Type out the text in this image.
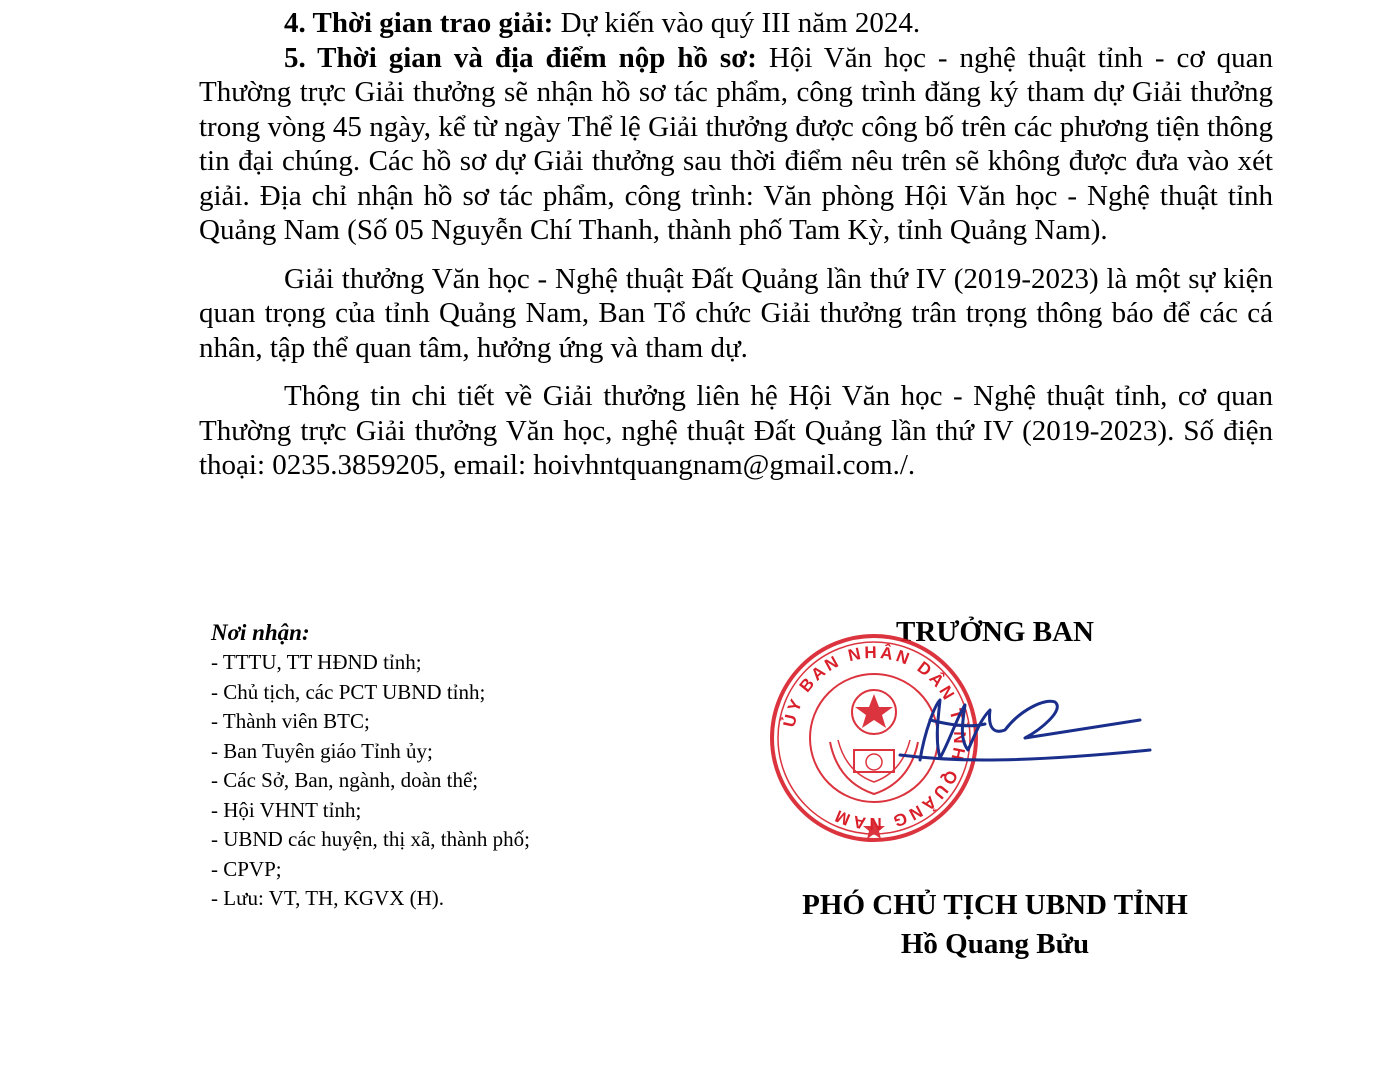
4. Thời gian trao giải: Dự kiến vào quý III năm 2024.

5. Thời gian và địa điểm nộp hồ sơ: Hội Văn học - nghệ thuật tỉnh - cơ quan Thường trực Giải thưởng sẽ nhận hồ sơ tác phẩm, công trình đăng ký tham dự Giải thưởng trong vòng 45 ngày, kể từ ngày Thể lệ Giải thưởng được công bố trên các phương tiện thông tin đại chúng. Các hồ sơ dự Giải thưởng sau thời điểm nêu trên sẽ không được đưa vào xét giải. Địa chỉ nhận hồ sơ tác phẩm, công trình: Văn phòng Hội Văn học - Nghệ thuật tỉnh Quảng Nam (Số 05 Nguyễn Chí Thanh, thành phố Tam Kỳ, tỉnh Quảng Nam).

Giải thưởng Văn học - Nghệ thuật Đất Quảng lần thứ IV (2019-2023) là một sự kiện quan trọng của tỉnh Quảng Nam, Ban Tổ chức Giải thưởng trân trọng thông báo để các cá nhân, tập thể quan tâm, hưởng ứng và tham dự.

Thông tin chi tiết về Giải thưởng liên hệ Hội Văn học - Nghệ thuật tỉnh, cơ quan Thường trực Giải thưởng Văn học, nghệ thuật Đất Quảng lần thứ IV (2019-2023). Số điện thoại: 0235.3859205, email: hoivhntquangnam@gmail.com./.

Nơi nhận:
- TTTU, TT HĐND tỉnh;
- Chủ tịch, các PCT UBND tỉnh;
- Thành viên BTC;
- Ban Tuyên giáo Tỉnh ủy;
- Các Sở, Ban, ngành, doàn thể;
- Hội VHNT tỉnh;
- UBND các huyện, thị xã, thành phố;
- CPVP;
- Lưu: VT, TH, KGVX (H).
TRƯỞNG BAN
ỦY BAN NHÂN DÂN TỈNH QUẢNG NAM
PHÓ CHỦ TỊCH UBND TỈNH
Hồ Quang Bửu
